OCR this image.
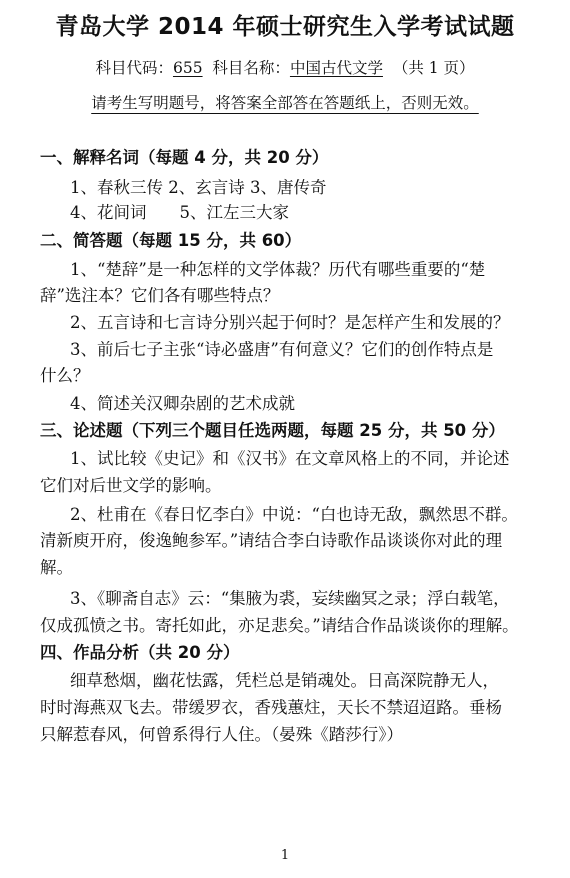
青岛大学 2014 年硕士研究生入学考试试题
科目代码：655 科目名称：中国古代文学 （共 1 页）
请考生写明题号，将答案全部答在答题纸上，否则无效。
一、解释名词（每题 4 分，共 20 分）
1、春秋三传 2、玄言诗 3、唐传奇
4、花间词　　5、江左三大家
二、简答题（每题 15 分，共 60）
1、“楚辞”是一种怎样的文学体裁？历代有哪些重要的“楚
辞”选注本？它们各有哪些特点？
2、五言诗和七言诗分别兴起于何时？是怎样产生和发展的？
3、前后七子主张“诗必盛唐”有何意义？它们的创作特点是
什么？
4、简述关汉卿杂剧的艺术成就
三、论述题（下列三个题目任选两题，每题 25 分，共 50 分）
1、试比较《史记》和《汉书》在文章风格上的不同，并论述
它们对后世文学的影响。
2、杜甫在《春日忆李白》中说：“白也诗无敌，飘然思不群。
清新庾开府，俊逸鲍参军。”请结合李白诗歌作品谈谈你对此的理
解。
3、《聊斋自志》云：“集腋为裘，妄续幽冥之录；浮白载笔，
仅成孤愤之书。寄托如此，亦足悲矣。”请结合作品谈谈你的理解。
四、作品分析（共 20 分）
细草愁烟，幽花怯露，凭栏总是销魂处。日高深院静无人，
时时海燕双飞去。带缓罗衣，香残蕙炷，天长不禁迢迢路。垂杨
只解惹春风，何曾系得行人住。（晏殊《踏莎行》）
1
